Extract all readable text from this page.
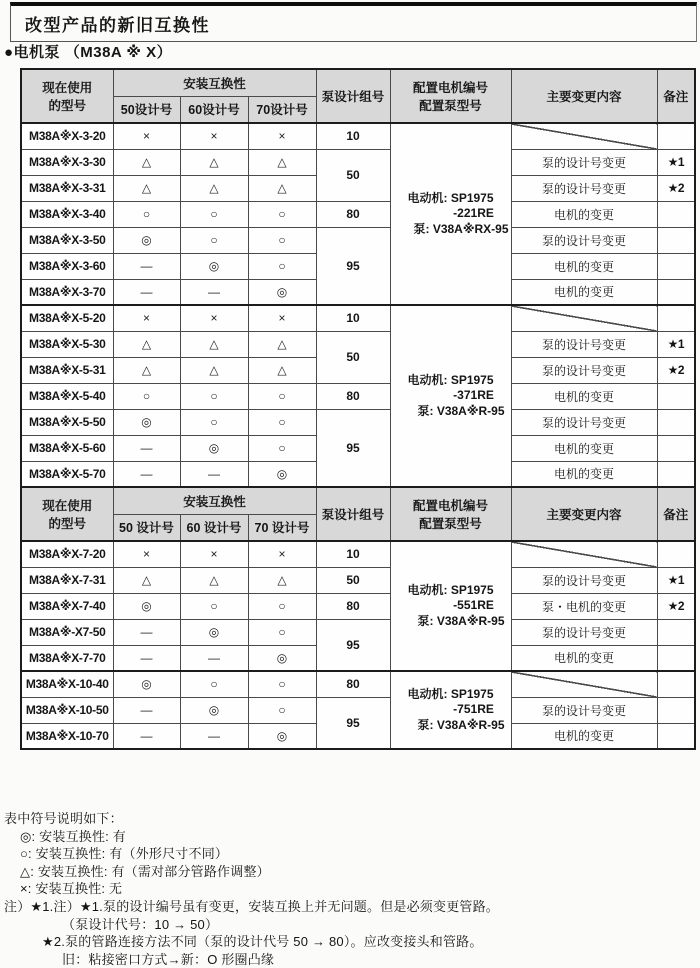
改型产品的新旧互换性
●电机泵 （M38A ※ X）
现在使用
的型号
	安装互换性	泵设计组号	
配置电机编号
配置泵型号
	主要变更内容	备注
	50设计号	60设计号	70设计号				
M38A※X-3-20	×	×	×	10	电动机: SP1975
-221RE
泵: V38A※RX-95		

M38A※X-3-30	△	△	△	50		泵的设计号变更	★1
M38A※X-3-31	△	△	△			泵的设计号变更	★2
M38A※X-3-40	○	○	○	80		电机的变更	
M38A※X-3-50	◎	○	○	95		泵的设计号变更	
M38A※X-3-60	—	◎	○			电机的变更	
M38A※X-3-70	—	—	◎			电机的变更	
M38A※X-5-20	×	×	×	10	电动机: SP1975
-371RE
泵: V38A※R-95		

M38A※X-5-30	△	△	△	50		泵的设计号变更	★1
M38A※X-5-31	△	△	△			泵的设计号变更	★2
M38A※X-5-40	○	○	○	80		电机的变更	
M38A※X-5-50	◎	○	○	95		泵的设计号变更	
M38A※X-5-60	—	◎	○			电机的变更	
M38A※X-5-70	—	—	◎			电机的变更	

现在使用
的型号
	安装互换性	泵设计组号	
配置电机编号
配置泵型号
	主要变更内容	备注
	50 设计号	60 设计号	70 设计号				
M38A※X-7-20	×	×	×	10	电动机: SP1975
-551RE
泵: V38A※R-95		

M38A※X-7-31	△	△	△	50		泵的设计号变更	★1
M38A※X-7-40	◎	○	○	80		泵・电机的变更	★2
M38A※-X7-50	—	◎	○	95		泵的设计号变更	
M38A※X-7-70	—	—	◎			电机的变更	
M38A※X-10-40	◎	○	○	80	电动机: SP1975
-751RE
泵: V38A※R-95		

M38A※X-10-50	—	◎	○	95		泵的设计号变更	
M38A※X-10-70	—	—	◎			电机的变更	
表中符号说明如下：
◎: 安装互换性: 有
○: 安装互换性: 有（外形尺寸不同）
△: 安装互换性: 有（需对部分管路作调整）
×: 安装互换性: 无
注）★1.注）★1.泵的设计编号虽有变更，安装互换上并无问题。但是必须变更管路。
（泵设计代号：10 → 50）
★2.泵的管路连接方法不同（泵的设计代号 50 → 80）。应改变接头和管路。
旧：粘接密口方式→新：O 形圈凸缘
